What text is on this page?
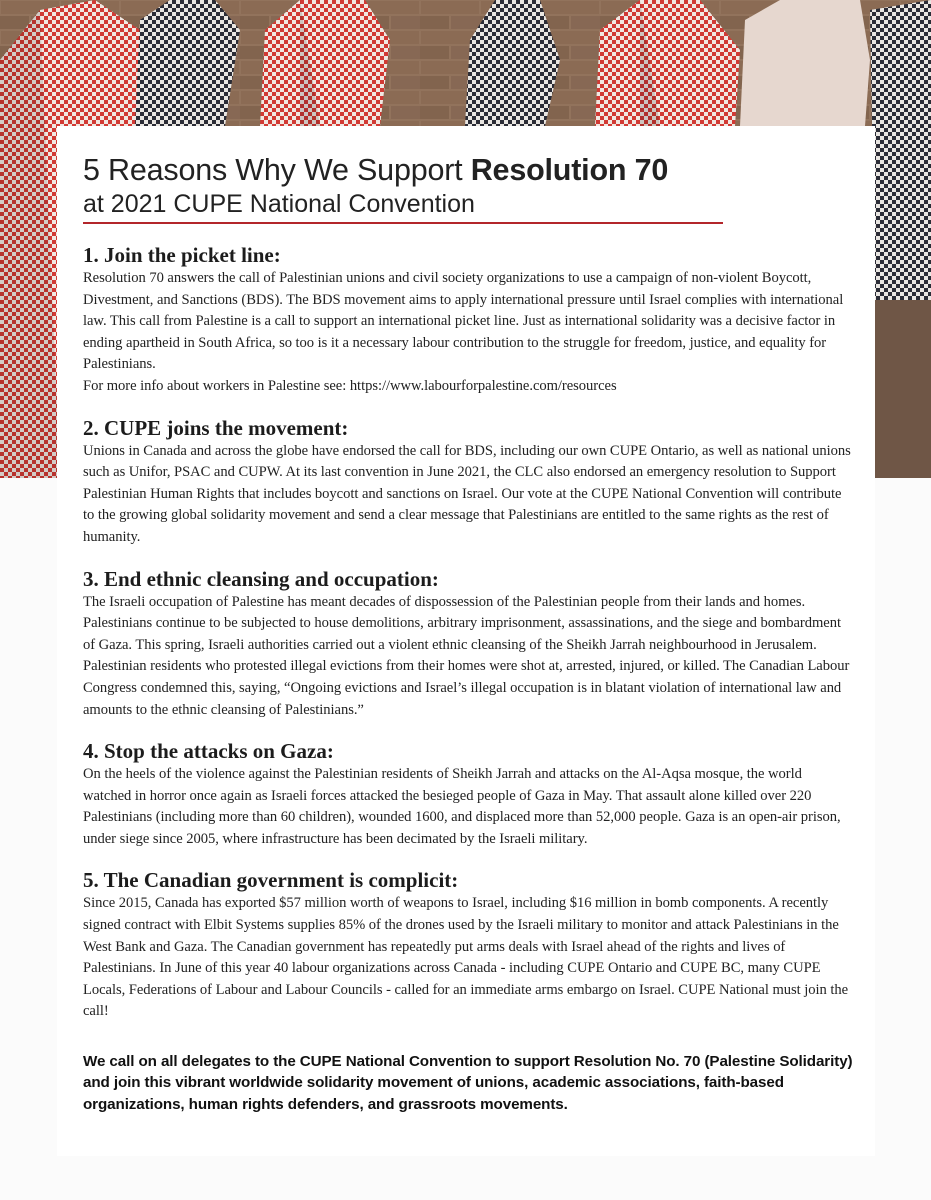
5 Reasons Why We Support Resolution 70
at 2021 CUPE National Convention
1. Join the picket line:

Resolution 70 answers the call of Palestinian unions and civil society organizations to use a campaign of non-violent Boycott, Divestment, and Sanctions (BDS). The BDS movement aims to apply international pressure until Israel complies with international law. This call from Palestine is a call to support an international picket line. Just as international solidarity was a decisive factor in ending apartheid in South Africa, so too is it a necessary labour contribution to the struggle for freedom, justice, and equality for Palestinians.

For more info about workers in Palestine see: https://www.labourforpalestine.com/resources

2. CUPE joins the movement:

Unions in Canada and across the globe have endorsed the call for BDS, including our own CUPE Ontario, as well as national unions such as Unifor, PSAC and CUPW. At its last convention in June 2021, the CLC also endorsed an emergency resolution to Support Palestinian Human Rights that includes boycott and sanctions on Israel. Our vote at the CUPE National Convention will contribute to the growing global solidarity movement and send a clear message that Palestinians are entitled to the same rights as the rest of humanity.

3. End ethnic cleansing and occupation:

The Israeli occupation of Palestine has meant decades of dispossession of the Palestinian people from their lands and homes. Palestinians continue to be subjected to house demolitions, arbitrary imprisonment, assassinations, and the siege and bombardment of Gaza. This spring, Israeli authorities carried out a violent ethnic cleansing of the Sheikh Jarrah neighbourhood in Jerusalem. Palestinian residents who protested illegal evictions from their homes were shot at, arrested, injured, or killed. The Canadian Labour Congress condemned this, saying, “Ongoing evictions and Israel’s illegal occupation is in blatant violation of international law and amounts to the ethnic cleansing of Palestinians.”

4. Stop the attacks on Gaza:

On the heels of the violence against the Palestinian residents of Sheikh Jarrah and attacks on the Al-Aqsa mosque, the world watched in horror once again as Israeli forces attacked the besieged people of Gaza in May. That assault alone killed over 220 Palestinians (including more than 60 children), wounded 1600, and displaced more than 52,000 people. Gaza is an open-air prison, under siege since 2005, where infrastructure has been decimated by the Israeli military.

5. The Canadian government is complicit:

Since 2015, Canada has exported $57 million worth of weapons to Israel, including $16 million in bomb components. A recently signed contract with Elbit Systems supplies 85% of the drones used by the Israeli military to monitor and attack Palestinians in the West Bank and Gaza. The Canadian government has repeatedly put arms deals with Israel ahead of the rights and lives of Palestinians. In June of this year 40 labour organizations across Canada - including CUPE Ontario and CUPE BC, many CUPE Locals, Federations of Labour and Labour Councils - called for an immediate arms embargo on Israel. CUPE National must join the call!

We call on all delegates to the CUPE National Convention to support Resolution No. 70 (Palestine Solidarity) and join this vibrant worldwide solidarity movement of unions, academic associations, faith-based organizations, human rights defenders, and grassroots movements.
